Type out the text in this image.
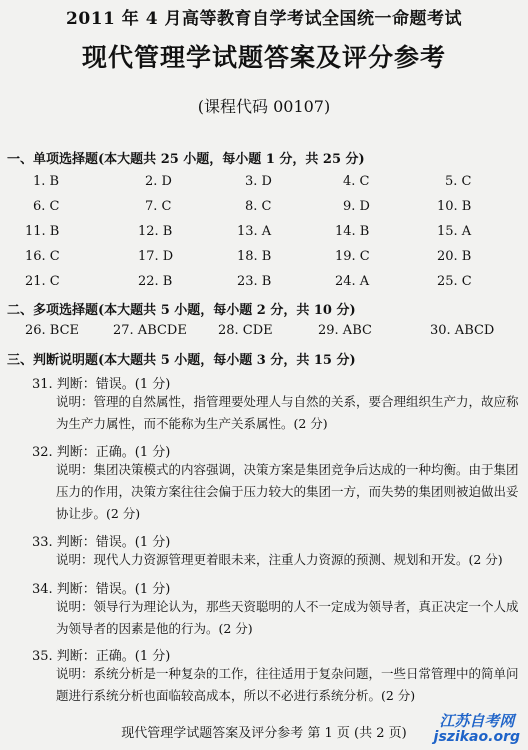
2011 年 4 月高等教育自学考试全国统一命题考试
现代管理学试题答案及评分参考
(课程代码 00107)
一、单项选择题(本大题共 25 小题，每小题 1 分，共 25 分)
1. B	2. D	3. D	4. C	5. C
6. C	7. C	8. C	9. D	10. B
11. B	12. B	13. A	14. B	15. A
16. C	17. D	18. B	19. C	20. B
21. C	22. B	23. B	24. A	25. C
二、多项选择题(本大题共 5 小题，每小题 2 分，共 10 分)
26. BCE	27. ABCDE 28. CDE	29. ABC	30. ABCD
三、判断说明题(本大题共 5 小题，每小题 3 分，共 15 分)
31. 判断：错误。(1 分)
说明：管理的自然属性，指管理要处理人与自然的关系，要合理组织生产力，故应称为生产力属性，而不能称为生产关系属性。(2 分)
32. 判断：正确。(1 分)
说明：集团决策模式的内容强调，决策方案是集团竞争后达成的一种均衡。由于集团压力的作用，决策方案往往会偏于压力较大的集团一方，而失势的集团则被迫做出妥协让步。(2 分)
33. 判断：错误。(1 分)
说明：现代人力资源管理更着眼未来，注重人力资源的预测、规划和开发。(2 分)
34. 判断：错误。(1 分)
说明：领导行为理论认为，那些天资聪明的人不一定成为领导者，真正决定一个人成为领导者的因素是他的行为。(2 分)
35. 判断：正确。(1 分)
说明：系统分析是一种复杂的工作，往往适用于复杂问题，一些日常管理中的简单问题进行系统分析也面临较高成本，所以不必进行系统分析。(2 分)
现代管理学试题答案及评分参考 第 1 页 (共 2 页)
江苏自考网
jszikao.org
